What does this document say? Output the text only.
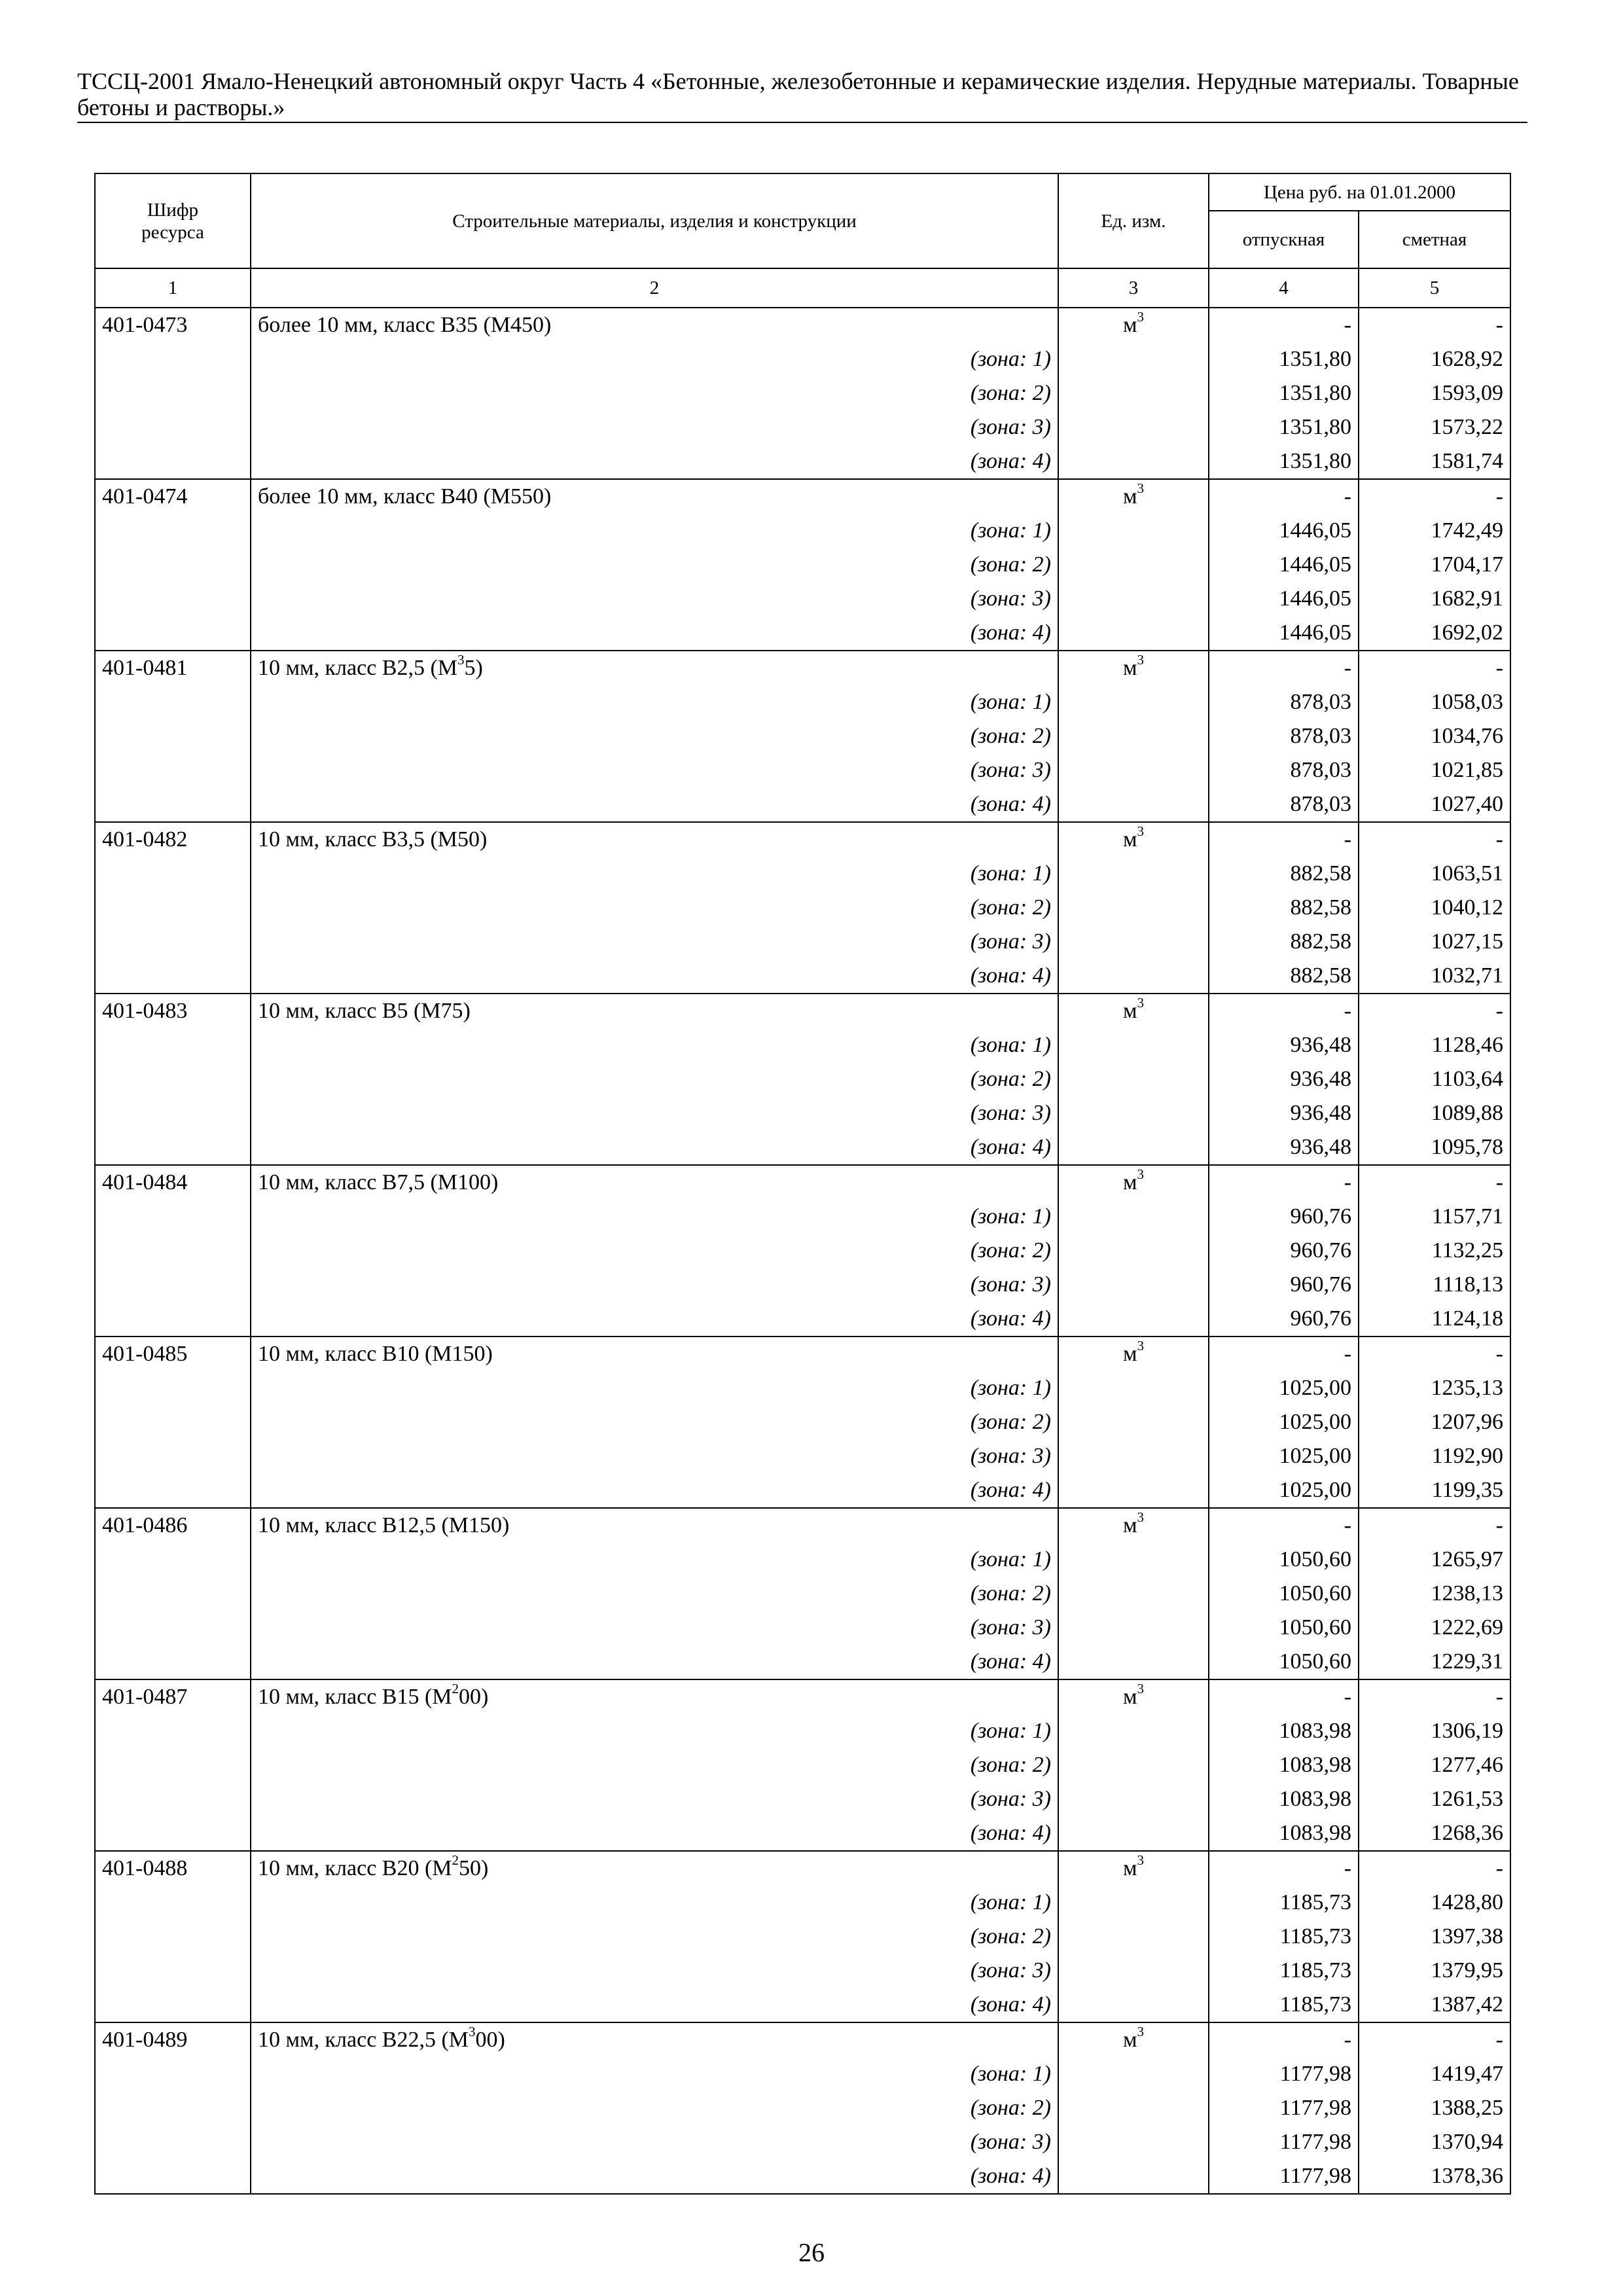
ТССЦ-2001 Ямало-Ненецкий автономный округ Часть 4 «Бетонные, железобетонные и керамические изделия. Нерудные материалы. Товарные бетоны и растворы.»
Шифр ресурса	Строительные материалы, изделия и конструкции	Ед. изм.	Цена руб. на 01.01.2000	
			отпускная	сметная
1	2	3	4	5
401-0473	более 10 мм, класс В35 (М450)	$м^3$	-	-
	(зона: 1)		1351,80	1628,92
	(зона: 2)		1351,80	1593,09
	(зона: 3)		1351,80	1573,22
	(зона: 4)		1351,80	1581,74
401-0474	более 10 мм, класс В40 (М550)	$м^3$	-	-
	(зона: 1)		1446,05	1742,49
	(зона: 2)		1446,05	1704,17
	(зона: 3)		1446,05	1682,91
	(зона: 4)		1446,05	1692,02
401-0481	10 мм, класс В2,5 $(М^35)$	$м^3$	-	-
	(зона: 1)		878,03	1058,03
	(зона: 2)		878,03	1034,76
	(зона: 3)		878,03	1021,85
	(зона: 4)		878,03	1027,40
401-0482	10 мм, класс В3,5 (М50)	$м^3$	-	-
	(зона: 1)		882,58	1063,51
	(зона: 2)		882,58	1040,12
	(зона: 3)		882,58	1027,15
	(зона: 4)		882,58	1032,71
401-0483	10 мм, класс В5 (М75)	$м^3$	-	-
	(зона: 1)		936,48	1128,46
	(зона: 2)		936,48	1103,64
	(зона: 3)		936,48	1089,88
	(зона: 4)		936,48	1095,78
401-0484	10 мм, класс В7,5 (М100)	$м^3$	-	-
	(зона: 1)		960,76	1157,71
	(зона: 2)		960,76	1132,25
	(зона: 3)		960,76	1118,13
	(зона: 4)		960,76	1124,18
401-0485	10 мм, класс В10 (М150)	$м^3$	-	-
	(зона: 1)		1025,00	1235,13
	(зона: 2)		1025,00	1207,96
	(зона: 3)		1025,00	1192,90
	(зона: 4)		1025,00	1199,35
401-0486	10 мм, класс В12,5 (М150)	$м^3$	-	-
	(зона: 1)		1050,60	1265,97
	(зона: 2)		1050,60	1238,13
	(зона: 3)		1050,60	1222,69
	(зона: 4)		1050,60	1229,31
401-0487	10 мм, класс В15 $(М^200)$	$м^3$	-	-
	(зона: 1)		1083,98	1306,19
	(зона: 2)		1083,98	1277,46
	(зона: 3)		1083,98	1261,53
	(зона: 4)		1083,98	1268,36
401-0488	10 мм, класс В20 $(М^250)$	$м^3$	-	-
	(зона: 1)		1185,73	1428,80
	(зона: 2)		1185,73	1397,38
	(зона: 3)		1185,73	1379,95
	(зона: 4)		1185,73	1387,42
401-0489	10 мм, класс В22,5 $(М^300)$	$м^3$	-	-
	(зона: 1)		1177,98	1419,47
	(зона: 2)		1177,98	1388,25
	(зона: 3)		1177,98	1370,94
	(зона: 4)		1177,98	1378,36
26
